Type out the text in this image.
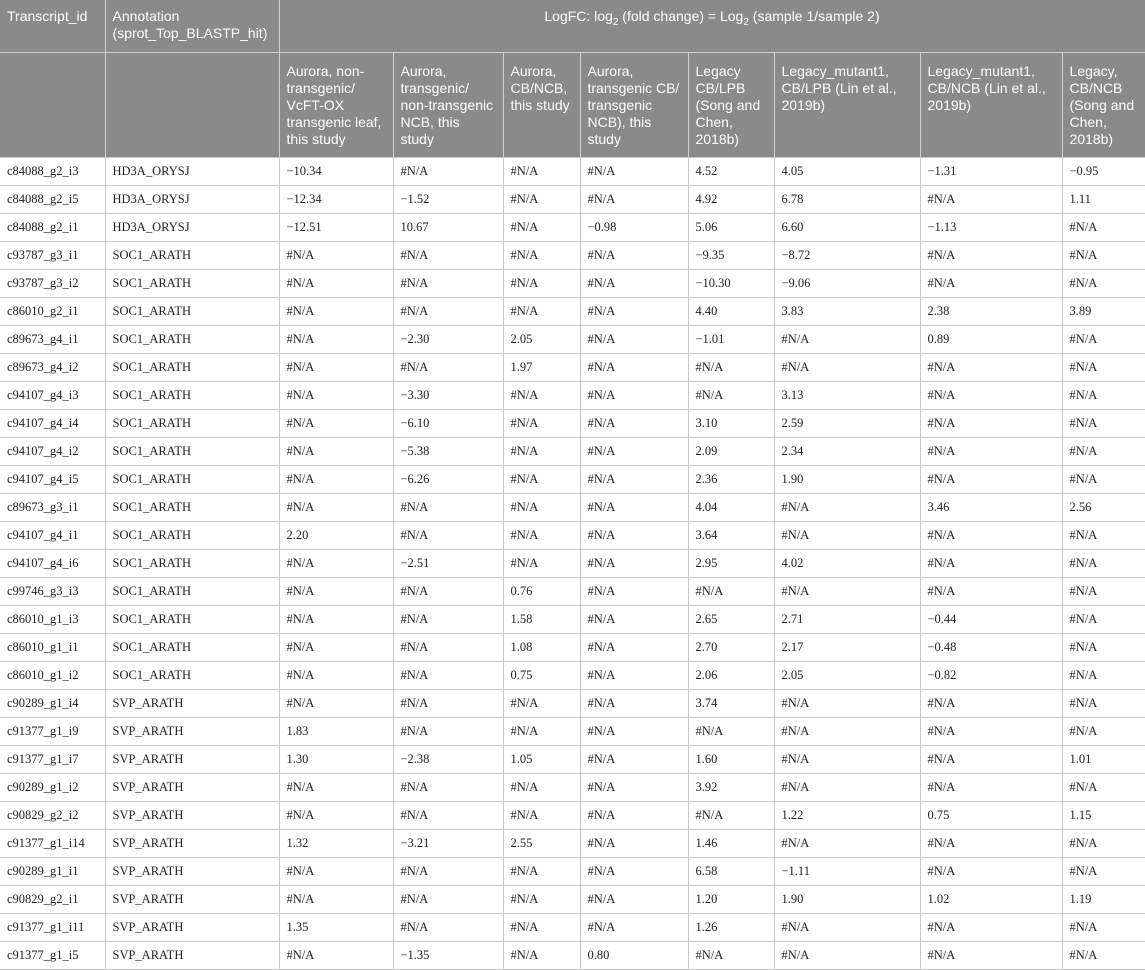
Transcript_id	Annotation (sprot_Top_BLASTP_hit)	LogFC: $\log_2$ (fold change) = Log$_2$ (sample 1/sample 2)							
		Aurora, non-transgenic/ VcFT-OX transgenic leaf, this study	Aurora, transgenic/ non-transgenic NCB, this study	Aurora, CB/NCB, this study	Aurora, transgenic CB/ transgenic NCB), this study	Legacy CB/LPB (Song and Chen, 2018b)	Legacy_mutant1, CB/LPB (Lin et al., 2019b)	Legacy_mutant1, CB/NCB (Lin et al., 2019b)	Legacy, CB/NCB (Song and Chen, 2018b)
c84088_g2_i3	HD3A_ORYSJ	−10.34	#N/A	#N/A	#N/A	4.52	4.05	−1.31	−0.95
c84088_g2_i5	HD3A_ORYSJ	−12.34	−1.52	#N/A	#N/A	4.92	6.78	#N/A	1.11
c84088_g2_i1	HD3A_ORYSJ	−12.51	10.67	#N/A	−0.98	5.06	6.60	−1.13	#N/A
c93787_g3_i1	SOC1_ARATH	#N/A	#N/A	#N/A	#N/A	−9.35	−8.72	#N/A	#N/A
c93787_g3_i2	SOC1_ARATH	#N/A	#N/A	#N/A	#N/A	−10.30	−9.06	#N/A	#N/A
c86010_g2_i1	SOC1_ARATH	#N/A	#N/A	#N/A	#N/A	4.40	3.83	2.38	3.89
c89673_g4_i1	SOC1_ARATH	#N/A	−2.30	2.05	#N/A	−1.01	#N/A	0.89	#N/A
c89673_g4_i2	SOC1_ARATH	#N/A	#N/A	1.97	#N/A	#N/A	#N/A	#N/A	#N/A
c94107_g4_i3	SOC1_ARATH	#N/A	−3.30	#N/A	#N/A	#N/A	3.13	#N/A	#N/A
c94107_g4_i4	SOC1_ARATH	#N/A	−6.10	#N/A	#N/A	3.10	2.59	#N/A	#N/A
c94107_g4_i2	SOC1_ARATH	#N/A	−5.38	#N/A	#N/A	2.09	2.34	#N/A	#N/A
c94107_g4_i5	SOC1_ARATH	#N/A	−6.26	#N/A	#N/A	2.36	1.90	#N/A	#N/A
c89673_g3_i1	SOC1_ARATH	#N/A	#N/A	#N/A	#N/A	4.04	#N/A	3.46	2.56
c94107_g4_i1	SOC1_ARATH	2.20	#N/A	#N/A	#N/A	3.64	#N/A	#N/A	#N/A
c94107_g4_i6	SOC1_ARATH	#N/A	−2.51	#N/A	#N/A	2.95	4.02	#N/A	#N/A
c99746_g3_i3	SOC1_ARATH	#N/A	#N/A	0.76	#N/A	#N/A	#N/A	#N/A	#N/A
c86010_g1_i3	SOC1_ARATH	#N/A	#N/A	1.58	#N/A	2.65	2.71	−0.44	#N/A
c86010_g1_i1	SOC1_ARATH	#N/A	#N/A	1.08	#N/A	2.70	2.17	−0.48	#N/A
c86010_g1_i2	SOC1_ARATH	#N/A	#N/A	0.75	#N/A	2.06	2.05	−0.82	#N/A
c90289_g1_i4	SVP_ARATH	#N/A	#N/A	#N/A	#N/A	3.74	#N/A	#N/A	#N/A
c91377_g1_i9	SVP_ARATH	1.83	#N/A	#N/A	#N/A	#N/A	#N/A	#N/A	#N/A
c91377_g1_i7	SVP_ARATH	1.30	−2.38	1.05	#N/A	1.60	#N/A	#N/A	1.01
c90289_g1_i2	SVP_ARATH	#N/A	#N/A	#N/A	#N/A	3.92	#N/A	#N/A	#N/A
c90829_g2_i2	SVP_ARATH	#N/A	#N/A	#N/A	#N/A	#N/A	1.22	0.75	1.15
c91377_g1_i14	SVP_ARATH	1.32	−3.21	2.55	#N/A	1.46	#N/A	#N/A	#N/A
c90289_g1_i1	SVP_ARATH	#N/A	#N/A	#N/A	#N/A	6.58	−1.11	#N/A	#N/A
c90829_g2_i1	SVP_ARATH	#N/A	#N/A	#N/A	#N/A	1.20	1.90	1.02	1.19
c91377_g1_i11	SVP_ARATH	1.35	#N/A	#N/A	#N/A	1.26	#N/A	#N/A	#N/A
c91377_g1_i5	SVP_ARATH	#N/A	−1.35	#N/A	0.80	#N/A	#N/A	#N/A	#N/A
